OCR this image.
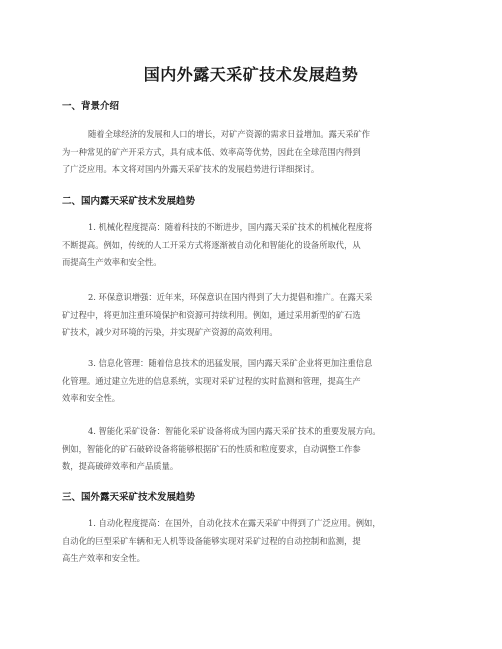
国内外露天采矿技术发展趋势
一、背景介绍
随着全球经济的发展和人口的增长，对矿产资源的需求日益增加。露天采矿作
为一种常见的矿产开采方式，具有成本低、效率高等优势，因此在全球范围内得到
了广泛应用。本文将对国内外露天采矿技术的发展趋势进行详细探讨。
二、国内露天采矿技术发展趋势
1. 机械化程度提高：随着科技的不断进步，国内露天采矿技术的机械化程度将
不断提高。例如，传统的人工开采方式将逐渐被自动化和智能化的设备所取代，从
而提高生产效率和安全性。
2. 环保意识增强：近年来，环保意识在国内得到了大力提倡和推广。在露天采
矿过程中，将更加注重环境保护和资源可持续利用。例如，通过采用新型的矿石选
矿技术，减少对环境的污染，并实现矿产资源的高效利用。
3. 信息化管理：随着信息技术的迅猛发展，国内露天采矿企业将更加注重信息
化管理。通过建立先进的信息系统，实现对采矿过程的实时监测和管理，提高生产
效率和安全性。
4. 智能化采矿设备：智能化采矿设备将成为国内露天采矿技术的重要发展方向。
例如，智能化的矿石破碎设备将能够根据矿石的性质和粒度要求，自动调整工作参
数，提高破碎效率和产品质量。
三、国外露天采矿技术发展趋势
1. 自动化程度提高：在国外，自动化技术在露天采矿中得到了广泛应用。例如，
自动化的巨型采矿车辆和无人机等设备能够实现对采矿过程的自动控制和监测，提
高生产效率和安全性。
